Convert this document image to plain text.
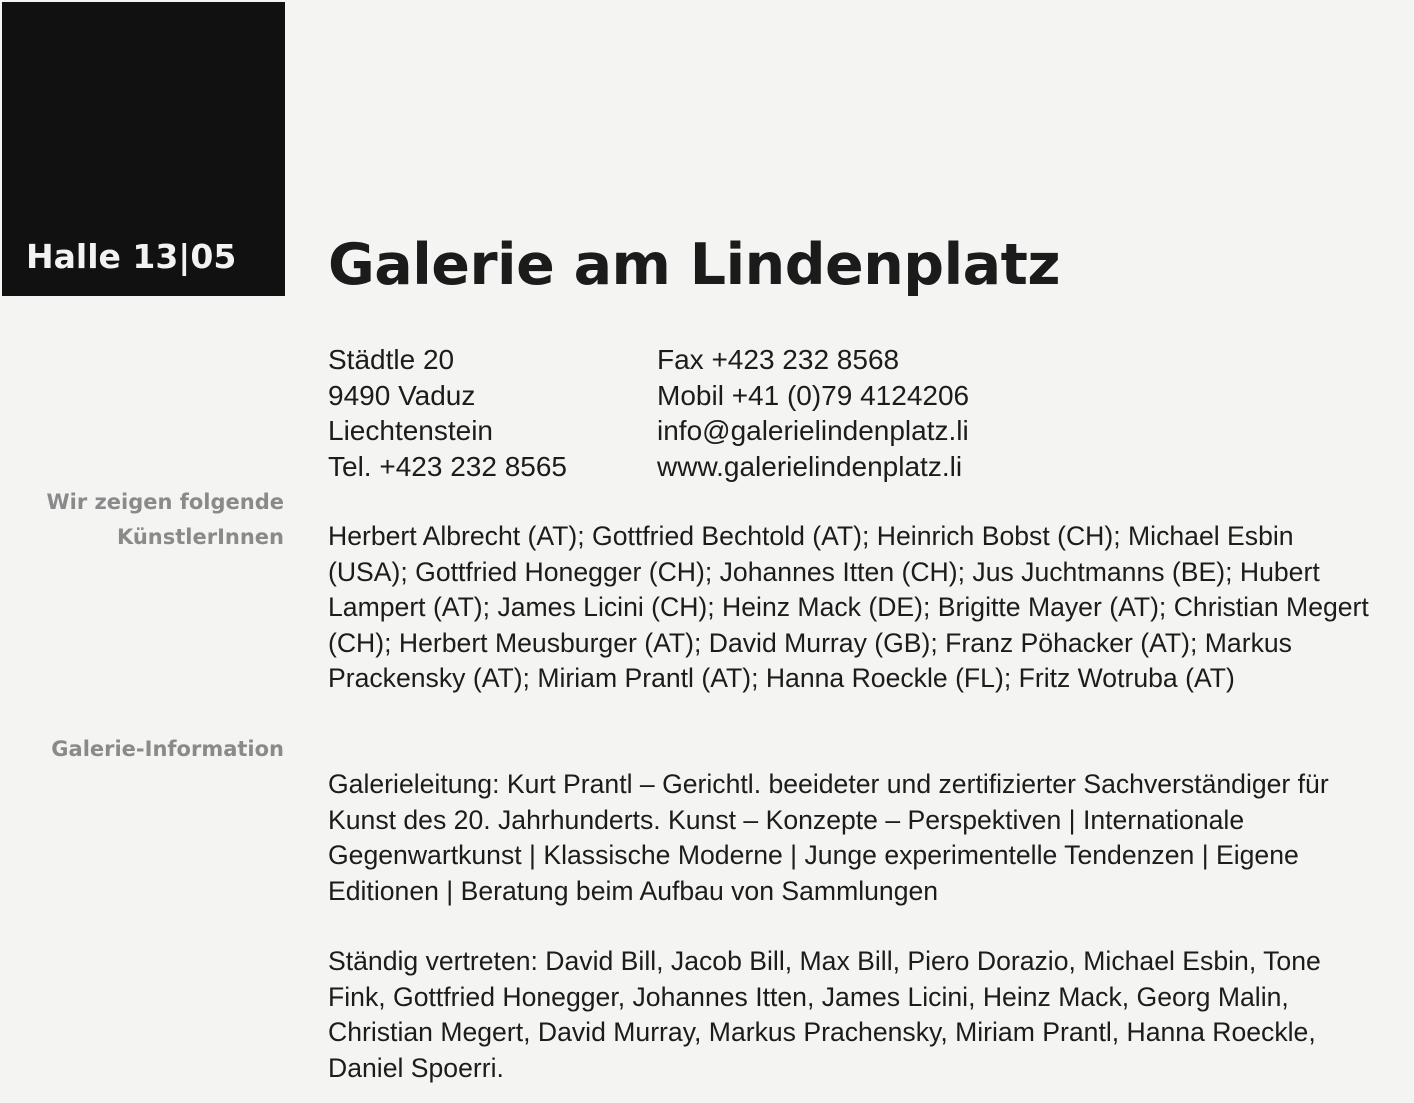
Halle 13|05 Galerie am Lindenplatz
Städtle 20
9490 Vaduz
Liechtenstein
Tel. +423 232 8565
Fax +423 232 8568
Mobil +41 (0)79 4124206
info@galerielindenplatz.li
www.galerielindenplatz.li
Wir zeigen folgende
KünstlerInnen Herbert Albrecht (AT); Gottfried Bechtold (AT); Heinrich Bobst (CH); Michael Esbin (USA); Gottfried Honegger (CH); Johannes Itten (CH); Jus Juchtmanns (BE); Hubert Lampert (AT); James Licini (CH); Heinz Mack (DE); Brigitte Mayer (AT); Christian Megert (CH); Herbert Meusburger (AT); David Murray (GB); Franz Pöhacker (AT); Markus Prackensky (AT); Miriam Prantl (AT); Hanna Roeckle (FL); Fritz Wotruba (AT)

Galerie-Information

Galerieleitung: Kurt Prantl – Gerichtl. beeideter und zertifizierter Sachverständiger für Kunst des 20. Jahrhunderts. Kunst – Konzepte – Perspektiven | Internationale Gegenwartkunst | Klassische Moderne | Junge experimentelle Tendenzen | Eigene Editionen | Beratung beim Aufbau von Sammlungen

Ständig vertreten: David Bill, Jacob Bill, Max Bill, Piero Dorazio, Michael Esbin, Tone Fink, Gottfried Honegger, Johannes Itten, James Licini, Heinz Mack, Georg Malin, Christian Megert, David Murray, Markus Prachensky, Miriam Prantl, Hanna Roeckle, Daniel Spoerri.
